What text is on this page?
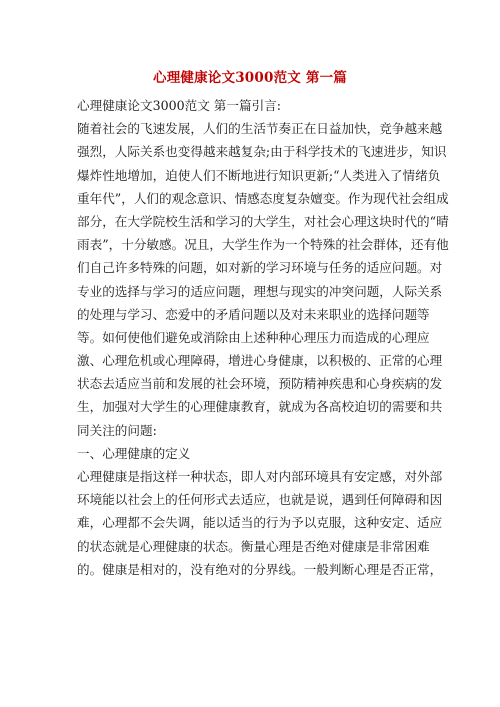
心理健康论文3000范文 第一篇
心理健康论文3000范文 第一篇引言:
随着社会的飞速发展，人们的生活节奏正在日益加快，竞争越来越
强烈，人际关系也变得越来越复杂;由于科学技术的飞速进步，知识
爆炸性地增加，迫使人们不断地进行知识更新;“人类进入了情绪负
重年代”，人们的观念意识、情感态度复杂嬗变。作为现代社会组成
部分，在大学院校生活和学习的大学生，对社会心理这块时代的“晴
雨表”，十分敏感。况且，大学生作为一个特殊的社会群体，还有他
们自己许多特殊的问题，如对新的学习环境与任务的适应问题。对
专业的选择与学习的适应问题，理想与现实的冲突问题，人际关系
的处理与学习、恋爱中的矛盾问题以及对未来职业的选择问题等
等。如何使他们避免或消除由上述种种心理压力而造成的心理应
激、心理危机或心理障碍，增进心身健康，以积极的、正常的心理
状态去适应当前和发展的社会环境，预防精神疾患和心身疾病的发
生，加强对大学生的心理健康教育，就成为各高校迫切的需要和共
同关注的问题:
一、心理健康的定义
心理健康是指这样一种状态，即人对内部环境具有安定感，对外部
环境能以社会上的任何形式去适应，也就是说，遇到任何障碍和因
难，心理都不会失调，能以适当的行为予以克服，这种安定、适应
的状态就是心理健康的状态。衡量心理是否绝对健康是非常困难
的。健康是相对的，没有绝对的分界线。一般判断心理是否正常，
